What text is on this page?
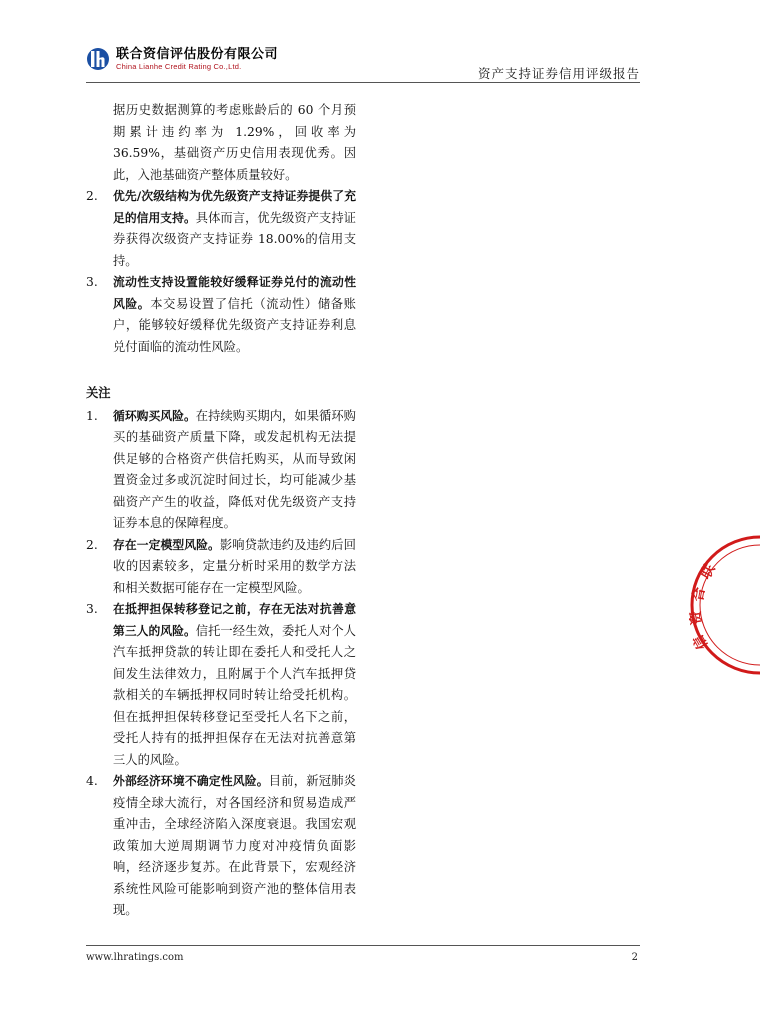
联合资信评估股份有限公司
China Lianhe Credit Rating Co.,Ltd.	资产支持证券信用评级报告
据历史数据测算的考虑账龄后的 60 个月预期累计违约率为 1.29%，回收率为 36.59%，基础资产历史信用表现优秀。因此，入池基础资产整体质量较好。
2. 优先/次级结构为优先级资产支持证券提供了充足的信用支持。具体而言，优先级资产支持证券获得次级资产支持证券 18.00%的信用支持。
3. 流动性支持设置能较好缓释证券兑付的流动性风险。本交易设置了信托（流动性）储备账户，能够较好缓释优先级资产支持证券利息兑付面临的流动性风险。
关注
1. 循环购买风险。在持续购买期内，如果循环购买的基础资产质量下降，或发起机构无法提供足够的合格资产供信托购买，从而导致闲置资金过多或沉淀时间过长，均可能减少基础资产产生的收益，降低对优先级资产支持证券本息的保障程度。
2. 存在一定模型风险。影响贷款违约及违约后回收的因素较多，定量分析时采用的数学方法和相关数据可能存在一定模型风险。
3. 在抵押担保转移登记之前，存在无法对抗善意第三人的风险。信托一经生效，委托人对个人汽车抵押贷款的转让即在委托人和受托人之间发生法律效力，且附属于个人汽车抵押贷款相关的车辆抵押权同时转让给受托机构。但在抵押担保转移登记至受托人名下之前，受托人持有的抵押担保存在无法对抗善意第三人的风险。
4. 外部经济环境不确定性风险。目前，新冠肺炎疫情全球大流行，对各国经济和贸易造成严重冲击，全球经济陷入深度衰退。我国宏观政策加大逆周期调节力度对冲疫情负面影响，经济逐步复苏。在此背景下，宏观经济系统性风险可能影响到资产池的整体信用表现。
联
合
资
信
www.lhratings.com	2
